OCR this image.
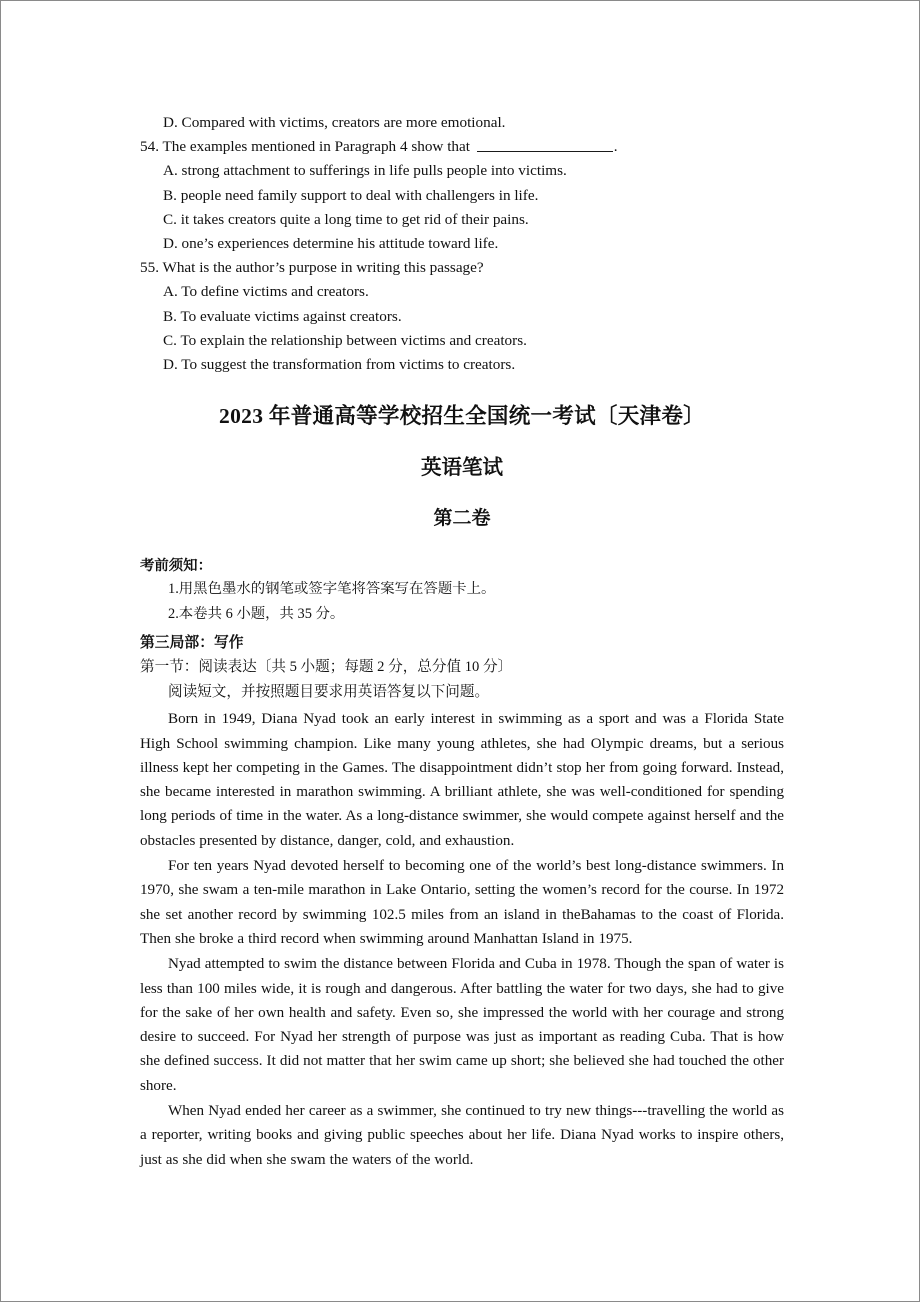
D. Compared with victims, creators are more emotional.
54. The examples mentioned in Paragraph 4 show that	.
A. strong attachment to sufferings in life pulls people into victims.
B. people need family support to deal with challengers in life.
C. it takes creators quite a long time to get rid of their pains.
D. one’s experiences determine his attitude toward life.
55. What is the author’s purpose in writing this passage?
A. To define victims and creators.
B. To evaluate victims against creators.
C. To explain the relationship between victims and creators.
D. To suggest the transformation from victims to creators.
2023 年普通高等学校招生全国统一考试〔天津卷〕
英语笔试
第二卷
考前须知：
1.用黑色墨水的钢笔或签字笔将答案写在答题卡上。
2.本卷共 6 小题，共 35 分。
第三局部：写作
第一节：阅读表达〔共 5 小题；每题 2 分，总分值 10 分〕
阅读短文，并按照题目要求用英语答复以下问题。
Born in 1949, Diana Nyad took an early interest in swimming as a sport and was a Florida State High School swimming champion. Like many young athletes, she had Olympic dreams, but a serious illness kept her competing in the Games. The disappointment didn’t stop her from going forward. Instead, she became interested in marathon swimming. A brilliant athlete, she was well-conditioned for spending long periods of time in the water. As a long-distance swimmer, she would compete against herself and the obstacles presented by distance, danger, cold, and exhaustion.
For ten years Nyad devoted herself to becoming one of the world’s best long-distance swimmers. In 1970, she swam a ten-mile marathon in Lake Ontario, setting the women’s record for the course. In 1972 she set another record by swimming 102.5 miles from an island in theBahamas to the coast of Florida. Then she broke a third record when swimming around Manhattan Island in 1975.
Nyad attempted to swim the distance between Florida and Cuba in 1978. Though the span of water is less than 100 miles wide, it is rough and dangerous. After battling the water for two days, she had to give for the sake of her own health and safety. Even so, she impressed the world with her courage and strong desire to succeed. For Nyad her strength of purpose was just as important as reading Cuba. That is how she defined success. It did not matter that her swim came up short; she believed she had touched the other shore.
When Nyad ended her career as a swimmer, she continued to try new things---travelling the world as a reporter, writing books and giving public speeches about her life. Diana Nyad works to inspire others, just as she did when she swam the waters of the world.
